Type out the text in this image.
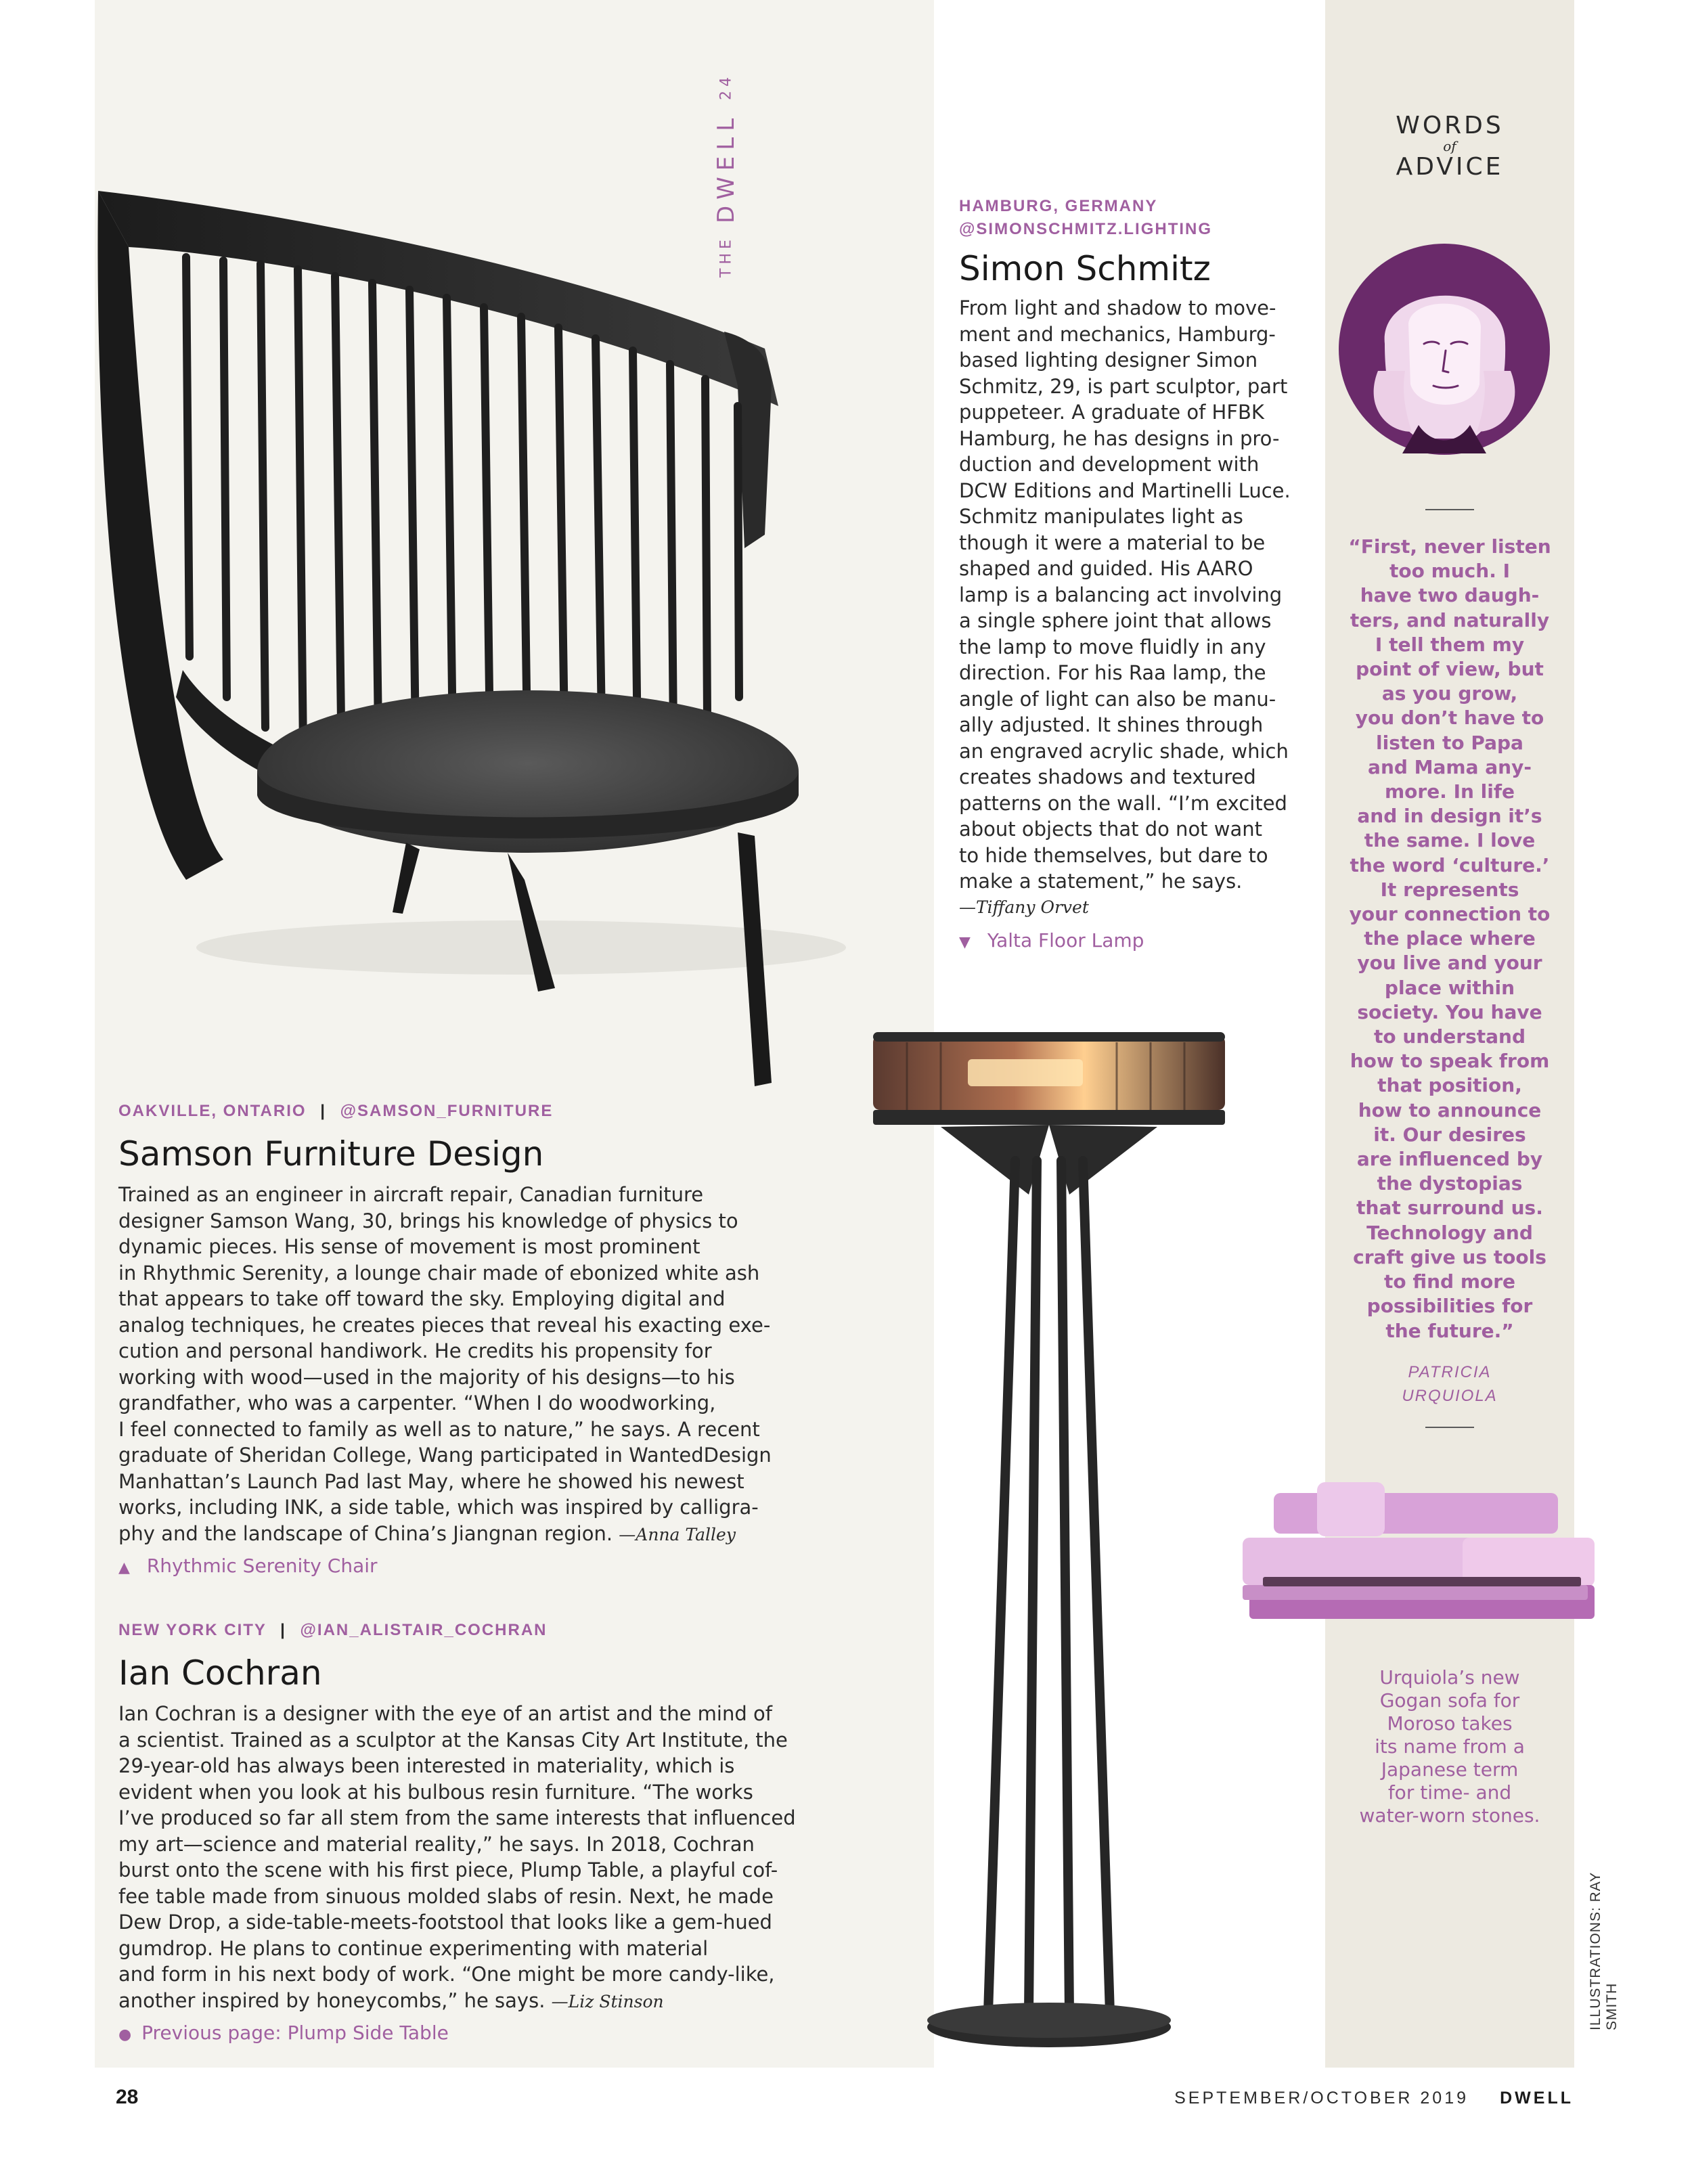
THE
DWELL
24
OAKVILLE, ONTARIO | @SAMSON_FURNITURE
Samson Furniture Design

Trained as an engineer in aircraft repair, Canadian furniture
designer Samson Wang, 30, brings his knowledge of physics to
dynamic pieces. His sense of movement is most prominent
in Rhythmic Serenity, a lounge chair made of ebonized white ash
that appears to take off toward the sky. Employing digital and
analog techniques, he creates pieces that reveal his exacting exe-
cution and personal handiwork. He credits his propensity for
working with wood—used in the majority of his designs—to his
grandfather, who was a carpenter. “When I do woodworking,
I feel connected to family as well as to nature,” he says. A recent
graduate of Sheridan College, Wang participated in WantedDesign
Manhattan’s Launch Pad last May, where he showed his newest
works, including INK, a side table, which was inspired by calligra-
phy and the landscape of China’s Jiangnan region. —Anna Talley

▲ Rhythmic Serenity Chair
NEW YORK CITY | @IAN_ALISTAIR_COCHRAN
Ian Cochran

Ian Cochran is a designer with the eye of an artist and the mind of
a scientist. Trained as a sculptor at the Kansas City Art Institute, the
29-year-old has always been interested in materiality, which is
evident when you look at his bulbous resin furniture. “The works
I’ve produced so far all stem from the same interests that influenced
my art—science and material reality,” he says. In 2018, Cochran
burst onto the scene with his first piece, Plump Table, a playful cof-
fee table made from sinuous molded slabs of resin. Next, he made
Dew Drop, a side-table-meets-footstool that looks like a gem-hued
gumdrop. He plans to continue experimenting with material
and form in his next body of work. “One might be more candy-like,
another inspired by honeycombs,” he says. —Liz Stinson

● Previous page: Plump Side Table
HAMBURG, GERMANY
@SIMONSCHMITZ.LIGHTING
Simon Schmitz

From light and shadow to move-
ment and mechanics, Hamburg-
based lighting designer Simon
Schmitz, 29, is part sculptor, part
puppeteer. A graduate of HFBK
Hamburg, he has designs in pro-
duction and development with
DCW Editions and Martinelli Luce.
Schmitz manipulates light as
though it were a material to be
shaped and guided. His AARO
lamp is a balancing act involving
a single sphere joint that allows
the lamp to move fluidly in any
direction. For his Raa lamp, the
angle of light can also be manu-
ally adjusted. It shines through
an engraved acrylic shade, which
creates shadows and textured
patterns on the wall. “I’m excited
about objects that do not want
to hide themselves, but dare to
make a statement,” he says.

—Tiffany Orvet
▼ Yalta Floor Lamp
WORDS
of
ADVICE
“First, never listen
too much. I
have two daugh-
ters, and naturally
I tell them my
point of view, but
as you grow,
you don’t have to
listen to Papa
and Mama any-
more. In life
and in design it’s
the same. I love
the word ‘culture.’
It represents
your connection to
the place where
you live and your
place within
society. You have
to understand
how to speak from
that position,
how to announce
it. Our desires
are influenced by
the dystopias
that surround us.
Technology and
craft give us tools
to find more
possibilities for
the future.”
PATRICIA
URQUIOLA
Urquiola’s new
Gogan sofa for
Moroso takes
its name from a
Japanese term
for time- and
water-worn stones.
ILLUSTRATIONS: RAY SMITH
28	SEPTEMBER/OCTOBER 2019 DWELL
